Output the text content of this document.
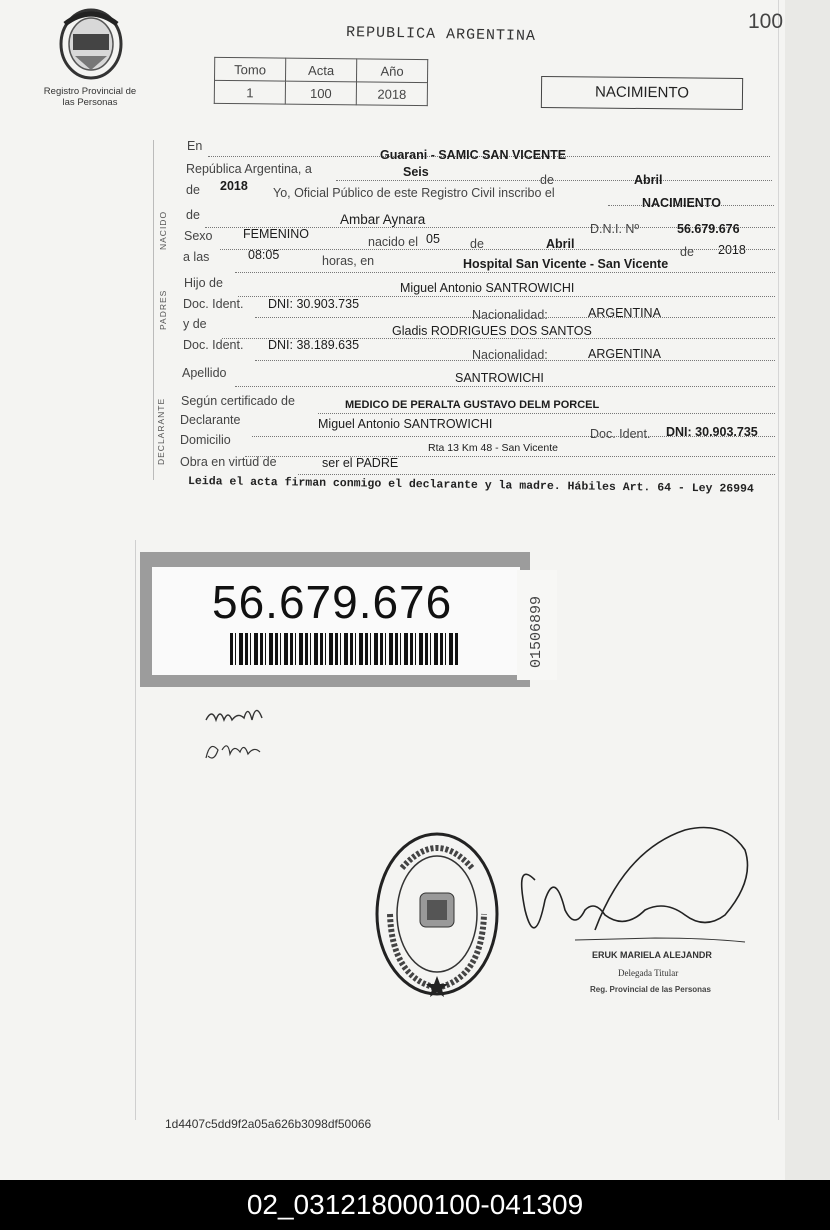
100
Registro Provincial de las Personas
REPUBLICA ARGENTINA
Tomo	Acta	Año
1	100	2018	NACIMIENTO
NACIDO
PADRES
DECLARANTE
En
Guarani - SAMIC SAN VICENTE
República Argentina, a	Seis
de	Abril
de 2018 Yo, Oficial Público de este Registro Civil inscribo el
NACIMIENTO
de	Ambar Aynara
D.N.I. Nº	56.679.676
Sexo FEMENINO
nacido el 05 de	Abril
de 2018
a las	08:05	horas, en	Hospital San Vicente - San Vicente
Hijo de	Miguel Antonio SANTROWICHI
Doc. Ident. DNI: 30.903.735
Nacionalidad:	ARGENTINA
y de	Gladis RODRIGUES DOS SANTOS
Doc. Ident. DNI: 38.189.635
Nacionalidad:	ARGENTINA
Apellido	SANTROWICHI
Según certificado de	MEDICO DE PERALTA GUSTAVO DELM PORCEL
Declarante	Miguel Antonio SANTROWICHI
Doc. Ident. DNI: 30.903.735
Domicilio
Rta 13 Km 48 - San Vicente
Obra en virtud de	ser el PADRE
Leida el acta firman conmigo el declarante y la madre. Hábiles Art. 64 - Ley 26994
56.679.676	01506899
ERUK MARIELA ALEJANDR
Delegada Titular
Reg. Provincial de las Personas
1d4407c5dd9f2a05a626b3098df50066
02_031218000100-041309
